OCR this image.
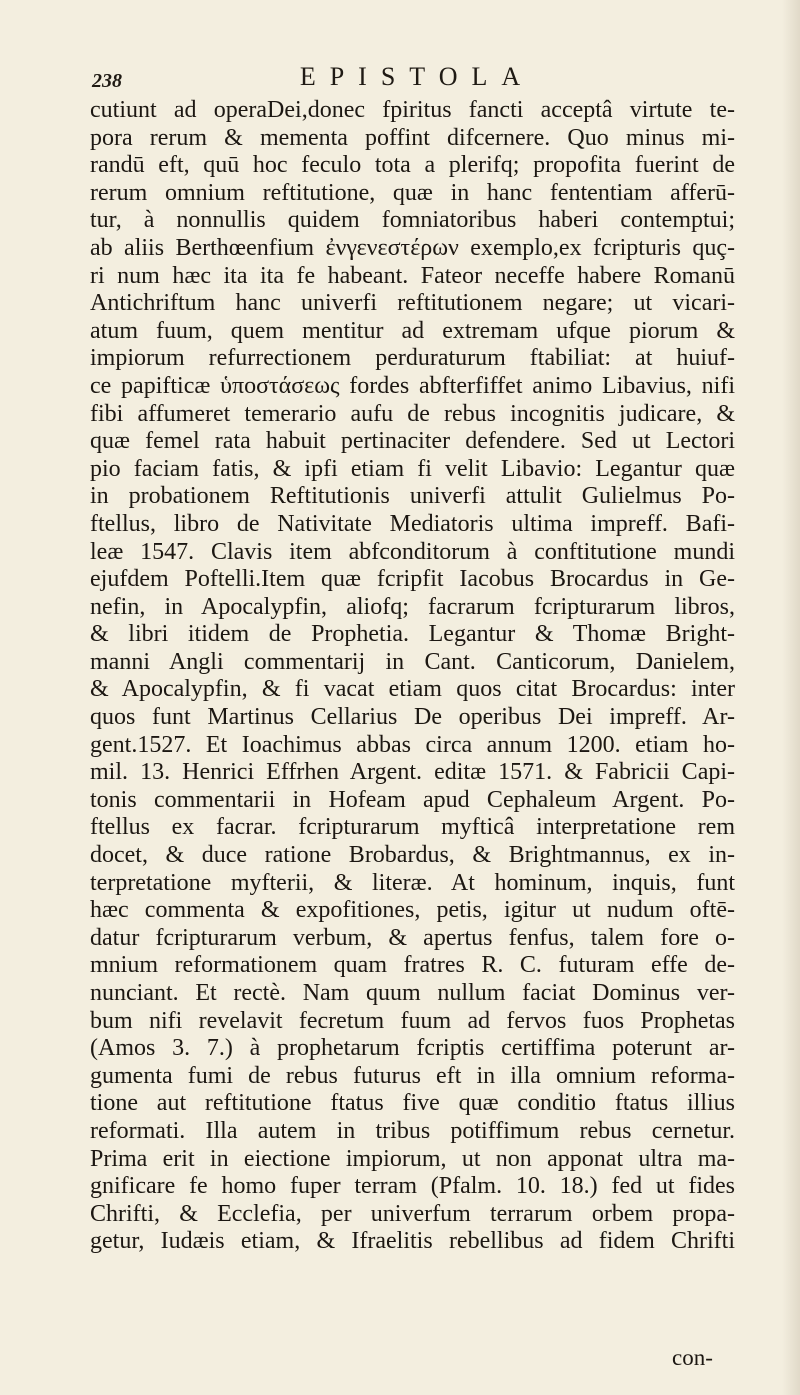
238	EPISTOLA
cutiunt ad operaDei,donec fpiritus fancti acceptâ virtute te-
pora rerum & mementa poffint difcernere. Quo minus mi-
randū eft, quū hoc feculo tota a plerifq; propofita fuerint de
rerum omnium reftitutione, quæ in hanc fententiam afferū-
tur, à nonnullis quidem fomniatoribus haberi contemptui;
ab aliis Berthœenfium ἐνγενεστέρων exemplo,ex fcripturis quç-
ri num hæc ita ita fe habeant. Fateor neceffe habere Romanū
Antichriftum hanc univerfi reftitutionem negare; ut vicari-
atum fuum, quem mentitur ad extremam ufque piorum &
impiorum refurrectionem perduraturum ftabiliat: at huiuf-
ce papifticæ ὑποστάσεως fordes abfterfiffet animo Libavius, nifi
fibi affumeret temerario aufu de rebus incognitis judicare, &
quæ femel rata habuit pertinaciter defendere. Sed ut Lectori
pio faciam fatis, & ipfi etiam fi velit Libavio: Legantur quæ
in probationem Reftitutionis univerfi attulit Gulielmus Po-
ftellus, libro de Nativitate Mediatoris ultima impreff. Bafi-
leæ 1547. Clavis item abfconditorum à conftitutione mundi
ejufdem Poftelli.Item quæ fcripfit Iacobus Brocardus in Ge-
nefin, in Apocalypfin, aliofq; facrarum fcripturarum libros,
& libri itidem de Prophetia. Legantur & Thomæ Bright-
manni Angli commentarij in Cant. Canticorum, Danielem,
& Apocalypfin, & fi vacat etiam quos citat Brocardus: inter
quos funt Martinus Cellarius De operibus Dei impreff. Ar-
gent.1527. Et Ioachimus abbas circa annum 1200. etiam ho-
mil. 13. Henrici Effrhen Argent. editæ 1571. & Fabricii Capi-
tonis commentarii in Hofeam apud Cephaleum Argent. Po-
ftellus ex facrar. fcripturarum myfticâ interpretatione rem
docet, & duce ratione Brobardus, & Brightmannus, ex in-
terpretatione myfterii, & literæ. At hominum, inquis, funt
hæc commenta & expofitiones, petis, igitur ut nudum oftē-
datur fcripturarum verbum, & apertus fenfus, talem fore o-
mnium reformationem quam fratres R. C. futuram effe de-
nunciant. Et rectè. Nam quum nullum faciat Dominus ver-
bum nifi revelavit fecretum fuum ad fervos fuos Prophetas
(Amos 3. 7.) à prophetarum fcriptis certiffima poterunt ar-
gumenta fumi de rebus futurus eft in illa omnium reforma-
tione aut reftitutione ftatus five quæ conditio ftatus illius
reformati. Illa autem in tribus potiffimum rebus cernetur.
Prima erit in eiectione impiorum, ut non apponat ultra ma-
gnificare fe homo fuper terram (Pfalm. 10. 18.) fed ut fides
Chrifti, & Ecclefia, per univerfum terrarum orbem propa-
getur, Iudæis etiam, & Ifraelitis rebellibus ad fidem Chrifti
con-
